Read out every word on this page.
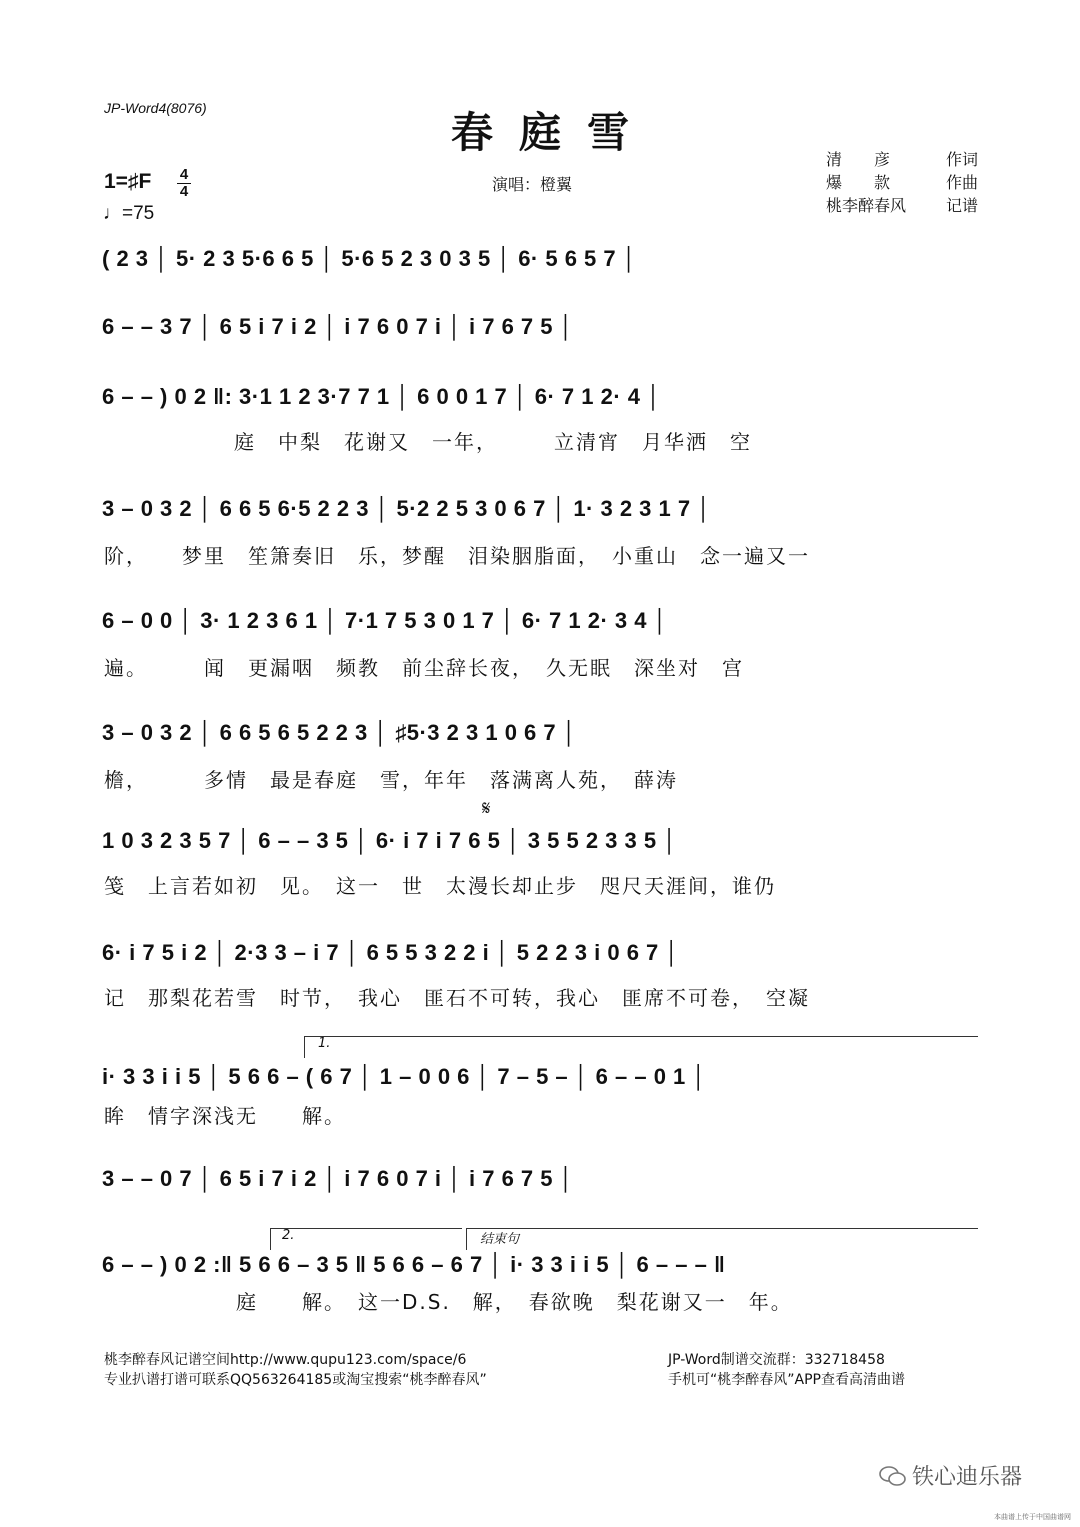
JP-Word4(8076)	春庭雪
1=♯F 4
4
♩=75
演唱：橙翼
清　　彦	作词
爆　　款	作曲
桃李醉春风 记谱
( 2 3 │ 5· 2 3 5·6 6 5 │ 5·6 5 2 3 0 3 5 │ 6· 5 6 5 7 │
6 – – 3 7 │ 6 5 i 7 i 2 │ i 7 6 0 7 i │ i 7 6 7 5 │
6 – – ) 0 2 ‖: 3·1 1 2 3·7 7 1 │ 6 0 0 1 7 │ 6· 7 1 2· 4 │
庭　中梨　花谢又　一年，　　　立清宵　月华洒　空
3 – 0 3 2 │ 6 6 5 6·5 2 2 3 │ 5·2 2 5 3 0 6 7 │ 1· 3 2 3 1 7 │
阶，　　梦里　笙箫奏旧　乐，梦醒　泪染胭脂面，　小重山　念一遍又一
6 – 0 0 │ 3· 1 2 3 6 1 │ 7·1 7 5 3 0 1 7 │ 6· 7 1 2· 3 4 │
遍。　　　闻　更漏咽　频教　前尘辞长夜，　久无眠　深坐对　宫
3 – 0 3 2 │ 6 6 5 6 5 2 2 3 │ ♯5·3 2 3 1 0 6 7 │
檐，　　　多情　最是春庭　雪，年年　落满离人苑，　薛涛
𝄋
1 0 3 2 3 5 7 │ 6 – – 3 5 │ 6· i 7 i 7 6 5 │ 3 5 5 2 3 3 5 │
笺　上言若如初　见。　这一　世　太漫长却止步　咫尺天涯间，谁仍
6· i 7 5 i 2 │ 2·3 3 – i 7 │ 6 5 5 3 2 2 i │ 5 2 2 3 i 0 6 7 │
记　那梨花若雪　时节，　我心　匪石不可转，我心　匪席不可卷，　空凝
1.
i· 3 3 i i 5 │ 5 6 6 – ( 6 7 │ 1 – 0 0 6 │ 7 – 5 – │ 6 – – 0 1 │
眸　情字深浅无　　解。
3 – – 0 7 │ 6 5 i 7 i 2 │ i 7 6 0 7 i │ i 7 6 7 5 │
2.	结束句
6 – – ) 0 2 :‖ 5 6 6 – 3 5 ‖ 5 6 6 – 6 7 │ i· 3 3 i i 5 │ 6 – – – ‖
　　　　　　庭　　解。　这一D.S.　解，　春欲晚　梨花谢又一　年。
桃李醉春风记谱空间http://www.qupu123.com/space/6
专业扒谱打谱可联系QQ563264185或淘宝搜索“桃李醉春风”
JP-Word制谱交流群：332718458
手机可“桃李醉春风”APP查看高清曲谱
铁心迪乐器
本曲谱上传于中国曲谱网
